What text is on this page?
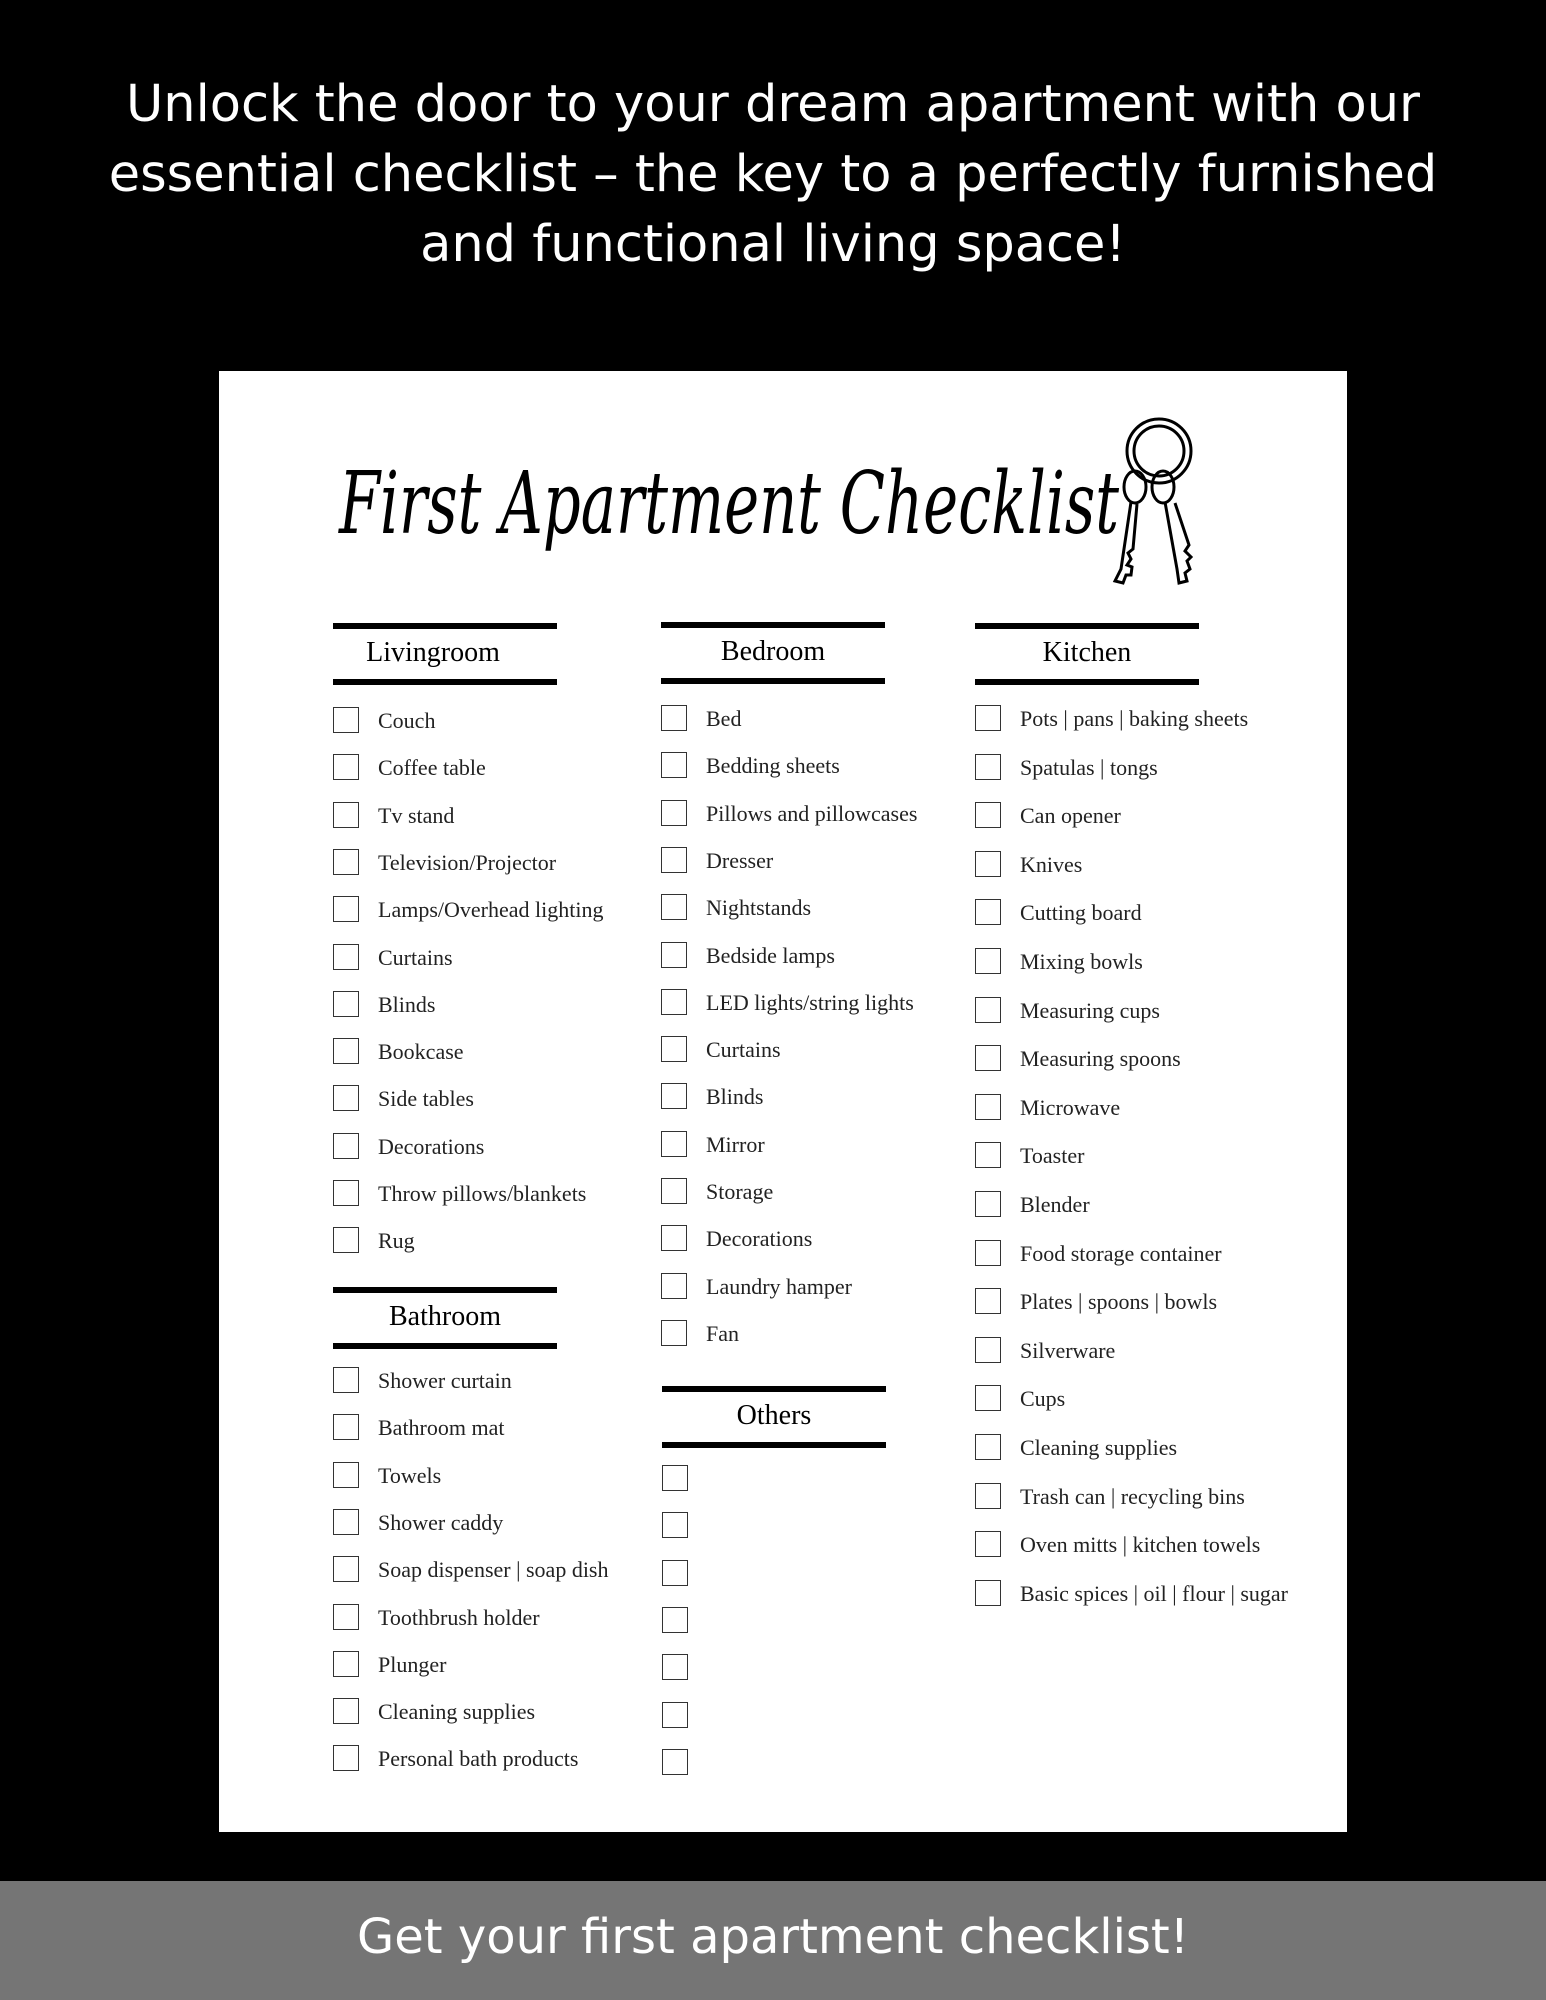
Unlock the door to your dream apartment with our
essential checklist – the key to a perfectly furnished
and functional living space!
First Apartment Checklist
Livingroom
Couch
Coffee table
Tv stand
Television/Projector
Lamps/Overhead lighting
Curtains
Blinds
Bookcase
Side tables
Decorations
Throw pillows/blankets
Rug
Bathroom
Shower curtain
Bathroom mat
Towels
Shower caddy
Soap dispenser | soap dish
Toothbrush holder
Plunger
Cleaning supplies
Personal bath products
Bedroom
Bed
Bedding sheets
Pillows and pillowcases
Dresser
Nightstands
Bedside lamps
LED lights/string lights
Curtains
Blinds
Mirror
Storage
Decorations
Laundry hamper
Fan
Others
Kitchen
Pots | pans | baking sheets
Spatulas | tongs
Can opener
Knives
Cutting board
Mixing bowls
Measuring cups
Measuring spoons
Microwave
Toaster
Blender
Food storage container
Plates | spoons | bowls
Silverware
Cups
Cleaning supplies
Trash can | recycling bins
Oven mitts | kitchen towels
Basic spices | oil | flour | sugar
Get your first apartment checklist!
